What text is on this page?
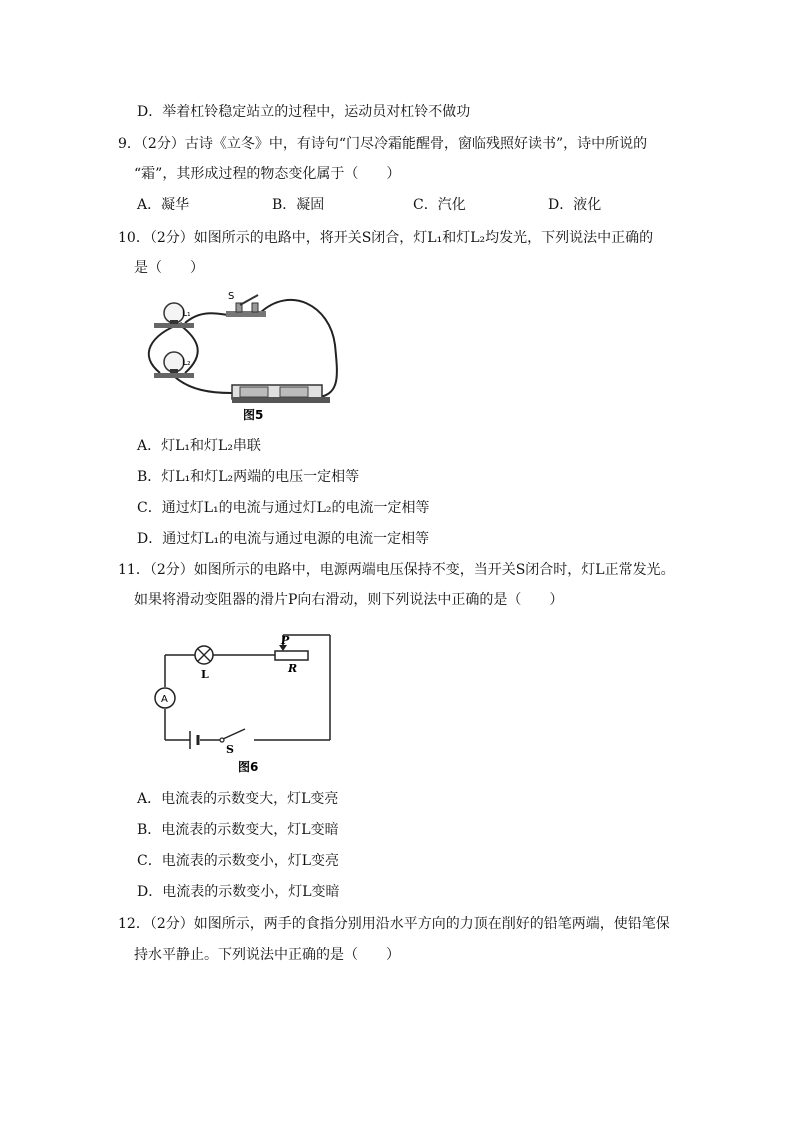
D．举着杠铃稳定站立的过程中，运动员对杠铃不做功
9．（2分）古诗《立冬》中，有诗句“门尽冷霜能醒骨，窗临残照好读书”，诗中所说的
“霜”，其形成过程的物态变化属于（　　）
A．凝华	B．凝固	C．汽化	D．液化
10．（2分）如图所示的电路中，将开关S闭合，灯L₁和灯L₂均发光，下列说法中正确的
是（　　）
S
L₁
L₂
图5
A．灯L₁和灯L₂串联
B．灯L₁和灯L₂两端的电压一定相等
C．通过灯L₁的电流与通过灯L₂的电流一定相等
D．通过灯L₁的电流与通过电源的电流一定相等
11．（2分）如图所示的电路中，电源两端电压保持不变，当开关S闭合时，灯L正常发光。
如果将滑动变阻器的滑片P向右滑动，则下列说法中正确的是（　　）
A
P
R
L
S
图6
A．电流表的示数变大，灯L变亮
B．电流表的示数变大，灯L变暗
C．电流表的示数变小，灯L变亮
D．电流表的示数变小，灯L变暗
12．（2分）如图所示，两手的食指分别用沿水平方向的力顶在削好的铅笔两端，使铅笔保
持水平静止。下列说法中正确的是（　　）
